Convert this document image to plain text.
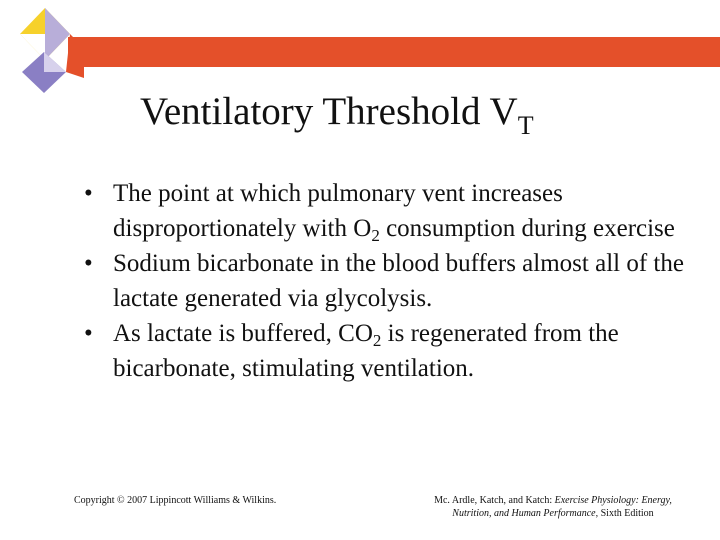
Ventilatory Threshold $V_T$
• The point at which pulmonary vent increases disproportionately with $O_2$ consumption during exercise
• Sodium bicarbonate in the blood buffers almost all of the lactate generated via glycolysis.
• As lactate is buffered, $CO_2$ is regenerated from the bicarbonate, stimulating ventilation.
Copyright © 2007 Lippincott Williams & Wilkins.	Mc. Ardle, Katch, and Katch: Exercise Physiology: Energy,
Nutrition, and Human Performance, Sixth Edition
